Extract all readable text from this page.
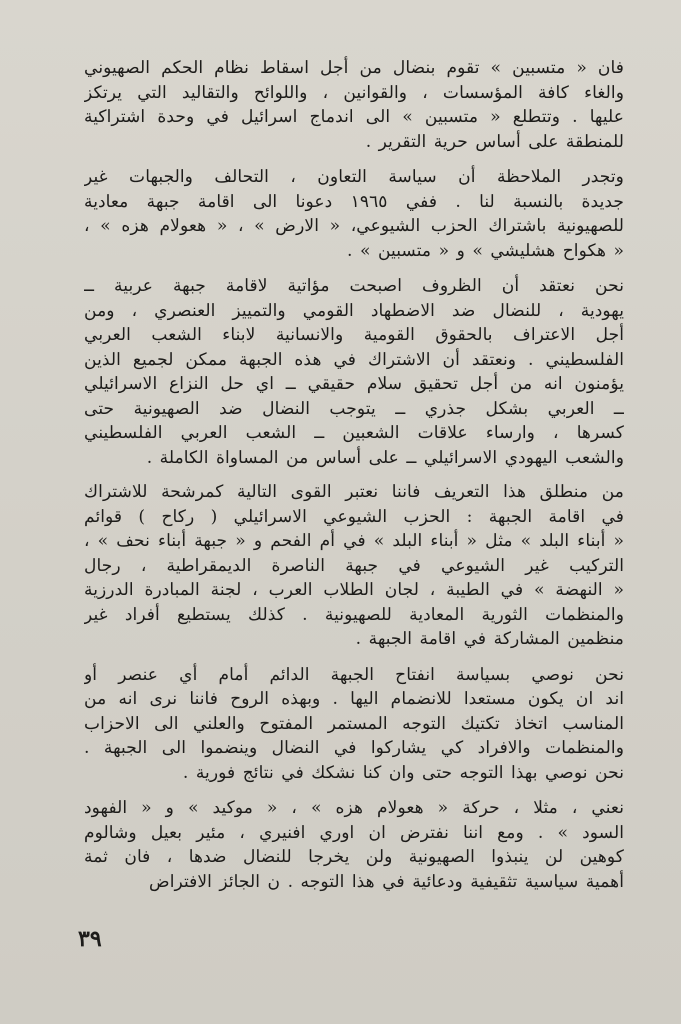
فان « متسبين » تقوم بنضال من أجل اسقاط نظام الحكم الصهيوني
والغاء كافة المؤسسات ، والقوانين ، واللوائح والتقاليد التي يرتكز
عليها . وتتطلع « متسبين » الى اندماج اسرائيل في وحدة اشتراكية
للمنطقة على أساس حرية التقرير .

وتجدر الملاحظة أن سياسة التعاون ، التحالف والجبهات غير
جديدة بالنسبة لنا . ففي ١٩٦٥ دعونا الى اقامة جبهة معادية
للصهيونية باشتراك الحزب الشيوعي، « الارض » ، « هعولام هزه » ،
« هكواح هشليشي » و « متسبين » .

نحن نعتقد أن الظروف اصبحت مؤاتية لاقامة جبهة عربية ــ
يهودية ، للنضال ضد الاضطهاد القومي والتمييز العنصري ، ومن
أجل الاعتراف بالحقوق القومية والانسانية لابناء الشعب العربي
الفلسطيني . ونعتقد أن الاشتراك في هذه الجبهة ممكن لجميع الذين
يؤمنون انه من أجل تحقيق سلام حقيقي ــ اي حل النزاع الاسرائيلي
ــ العربي بشكل جذري ــ يتوجب النضال ضد الصهيونية حتى
كسرها ، وارساء علاقات الشعبين ــ الشعب العربي الفلسطيني
والشعب اليهودي الاسرائيلي ــ على أساس من المساواة الكاملة .

من منطلق هذا التعريف فاننا نعتبر القوى التالية كمرشحة للاشتراك
في اقامة الجبهة : الحزب الشيوعي الاسرائيلي ( ركاح ) قوائم
« أبناء البلد » مثل « أبناء البلد » في أم الفحم و « جبهة أبناء نحف » ،
التركيب غير الشيوعي في جبهة الناصرة الديمقراطية ، رجال
« النهضة » في الطيبة ، لجان الطلاب العرب ، لجنة المبادرة الدرزية
والمنظمات الثورية المعادية للصهيونية . كذلك يستطيع أفراد غير
منظمين المشاركة في اقامة الجبهة .

نحن نوصي بسياسة انفتاح الجبهة الدائم أمام أي عنصر أو
اند ان يكون مستعدا للانضمام اليها . وبهذه الروح فاننا نرى انه من
المناسب اتخاذ تكتيك التوجه المستمر المفتوح والعلني الى الاحزاب
والمنظمات والافراد كي يشاركوا في النضال وينضموا الى الجبهة .
نحن نوصي بهذا التوجه حتى وان كنا نشكك في نتائج فورية .

نعني ، مثلا ، حركة « هعولام هزه » ، « موكيد » و « الفهود
السود » . ومع اننا نفترض ان اوري افنيري ، مئير بعيل وشالوم
كوهين لن ينبذوا الصهيونية ولن يخرجا للنضال ضدها ، فان ثمة
أهمية سياسية تثقيفية ودعائية في هذا التوجه . ن الجائز الافتراض

٣٩
